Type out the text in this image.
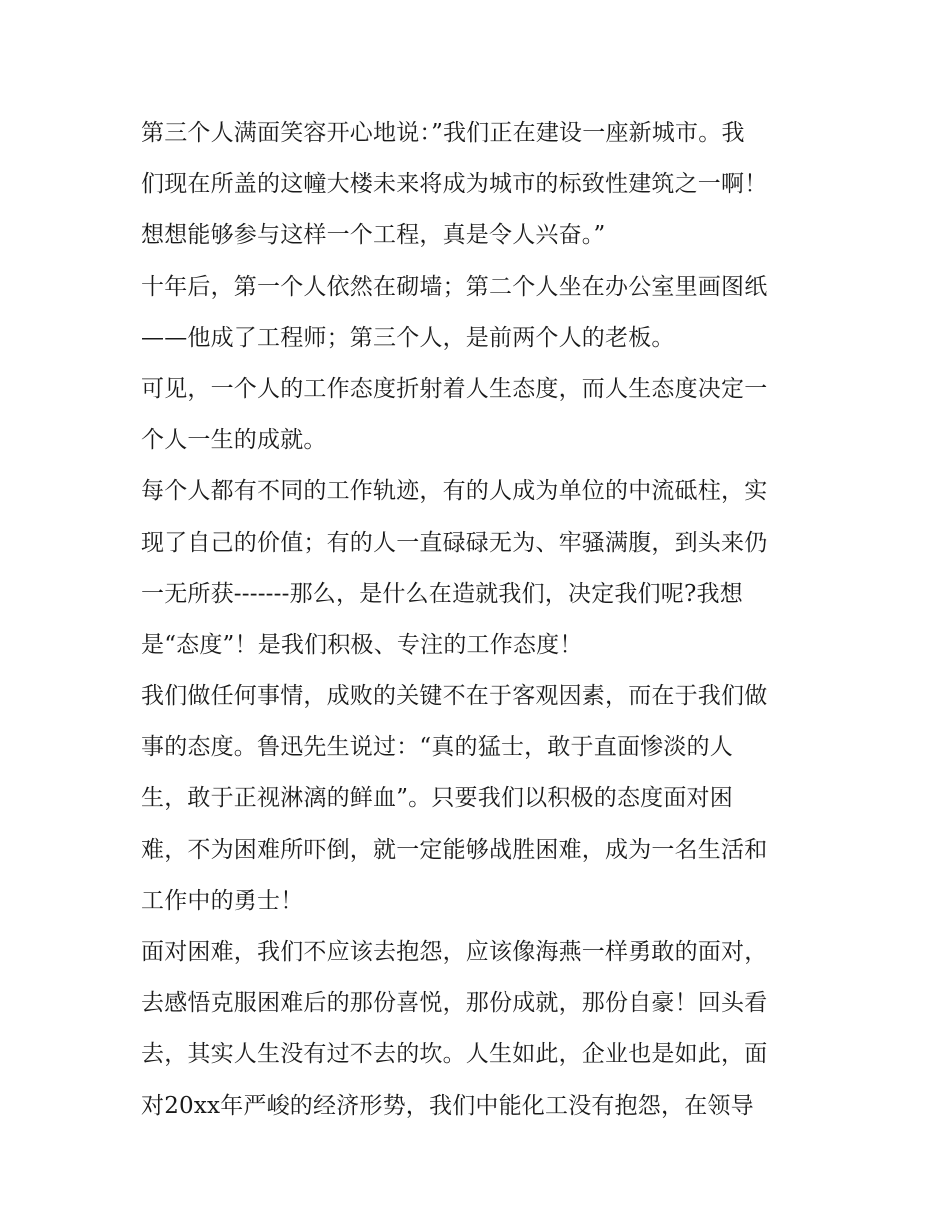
第三个人满面笑容开心地说：”我们正在建设一座新城市。我
们现在所盖的这幢大楼未来将成为城市的标致性建筑之一啊！
想想能够参与这样一个工程，真是令人兴奋。”
十年后，第一个人依然在砌墙；第二个人坐在办公室里画图纸
——他成了工程师；第三个人，是前两个人的老板。
可见，一个人的工作态度折射着人生态度，而人生态度决定一
个人一生的成就。
每个人都有不同的工作轨迹，有的人成为单位的中流砥柱，实
现了自己的价值；有的人一直碌碌无为、牢骚满腹，到头来仍
一无所获-------那么，是什么在造就我们，决定我们呢?我想
是“态度”！是我们积极、专注的工作态度！
我们做任何事情，成败的关键不在于客观因素，而在于我们做
事的态度。鲁迅先生说过：“真的猛士，敢于直面惨淡的人
生，敢于正视淋漓的鲜血”。只要我们以积极的态度面对困
难，不为困难所吓倒，就一定能够战胜困难，成为一名生活和
工作中的勇士！
面对困难，我们不应该去抱怨，应该像海燕一样勇敢的面对，
去感悟克服困难后的那份喜悦，那份成就，那份自豪！回头看
去，其实人生没有过不去的坎。人生如此，企业也是如此，面
对20xx年严峻的经济形势，我们中能化工没有抱怨，在领导
